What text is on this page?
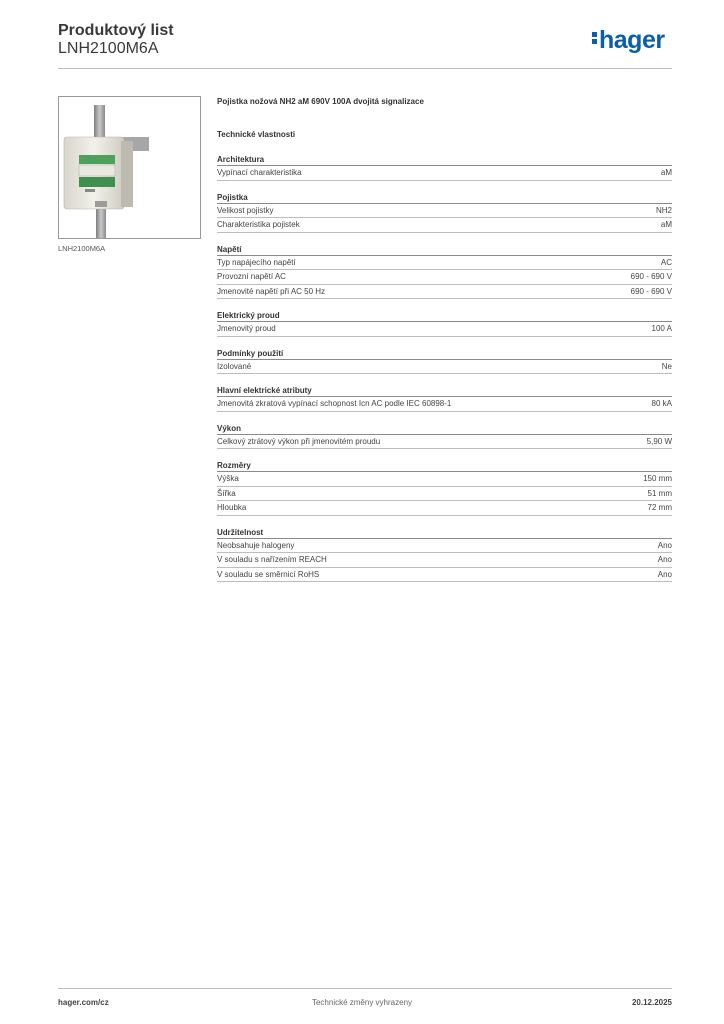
Produktový list
LNH2100M6A	hager
LNH2100M6A
Pojistka nožová NH2 aM 690V 100A dvojitá signalizace
Technické vlastnosti
Architektura
Vypínací charakteristika	aM
Pojistka
Velikost pojistky	NH2
Charakteristika pojistek	aM
Napětí
Typ napájecího napětí	AC
Provozní napětí AC	690 - 690 V
Jmenovité napětí při AC 50 Hz	690 - 690 V
Elektrický proud
Jmenovitý proud	100 A
Podmínky použití
Izolované	Ne
Hlavní elektrické atributy
Jmenovitá zkratová vypínací schopnost Icn AC podle IEC 60898-1	80 kA
Výkon
Celkový ztrátový výkon při jmenovitém proudu	5,90 W
Rozměry
Výška	150 mm
Šířka	51 mm
Hloubka	72 mm
Udržitelnost
Neobsahuje halogeny	Ano
V souladu s nařízením REACH	Ano
V souladu se směrnicí RoHS	Ano
hager.com/cz	Technické změny vyhrazeny	20.12.2025
